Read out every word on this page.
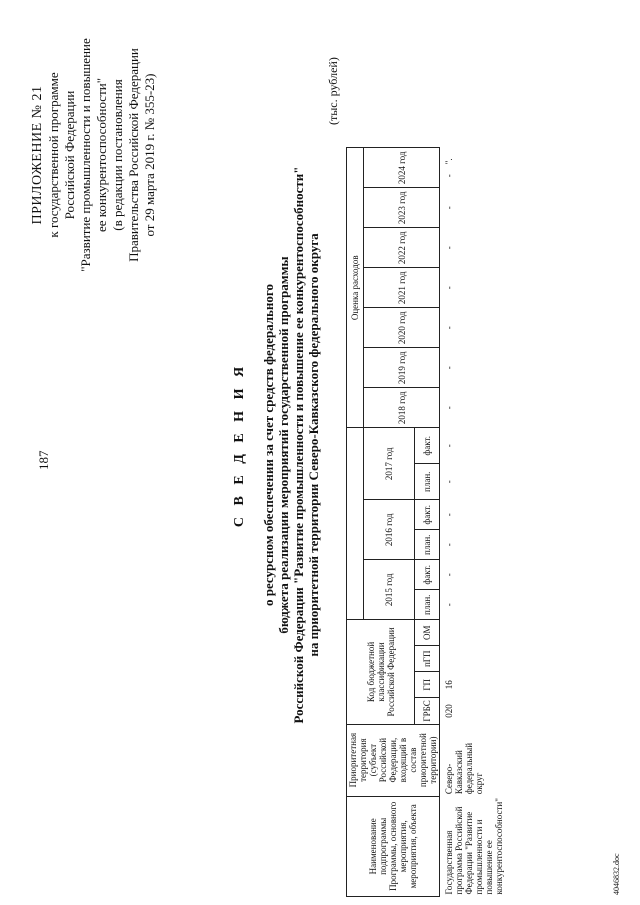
187
ПРИЛОЖЕНИЕ № 21 к государственной программе Российской Федерации "Развитие промышленности и повышение ее конкурентоспособности" (в редакции постановления Правительства Российской Федерации от 29 марта 2019 г. № 355-23)
С В Е Д Е Н И Я о ресурсном обеспечении за счет средств федерального бюджета реализации мероприятий государственной программы Российской Федерации "Развитие промышленности и повышение ее конкурентоспособности" на приоритетной территории Северо-Кавказского федерального округа
(тыс. рублей)
Наименование подпрограммы Программы, основного мероприятия, мероприятия, объекта	Приоритетная территория (субъект Российской Федерации, входящий в состав приоритетной территории)	Код бюджетной классификации Российской Федерации										Оценка расходов						
						2015 год		2016 год		2017 год		2018 год	2019 год	2020 год	2021 год	2022 год	2023 год	2024 год
		ГРБС	ГП	пГП	ОМ	план.	факт.	план.	факт.	план.	факт.							
Государственная программа Российской Федерации "Развитие промышленности и повышение ее конкурентоспособности"	Северо-Кавказский федеральный округ	020	16			-	-	-	-	-	-	-	-	-	-	-	-	-".
4046832.doc
